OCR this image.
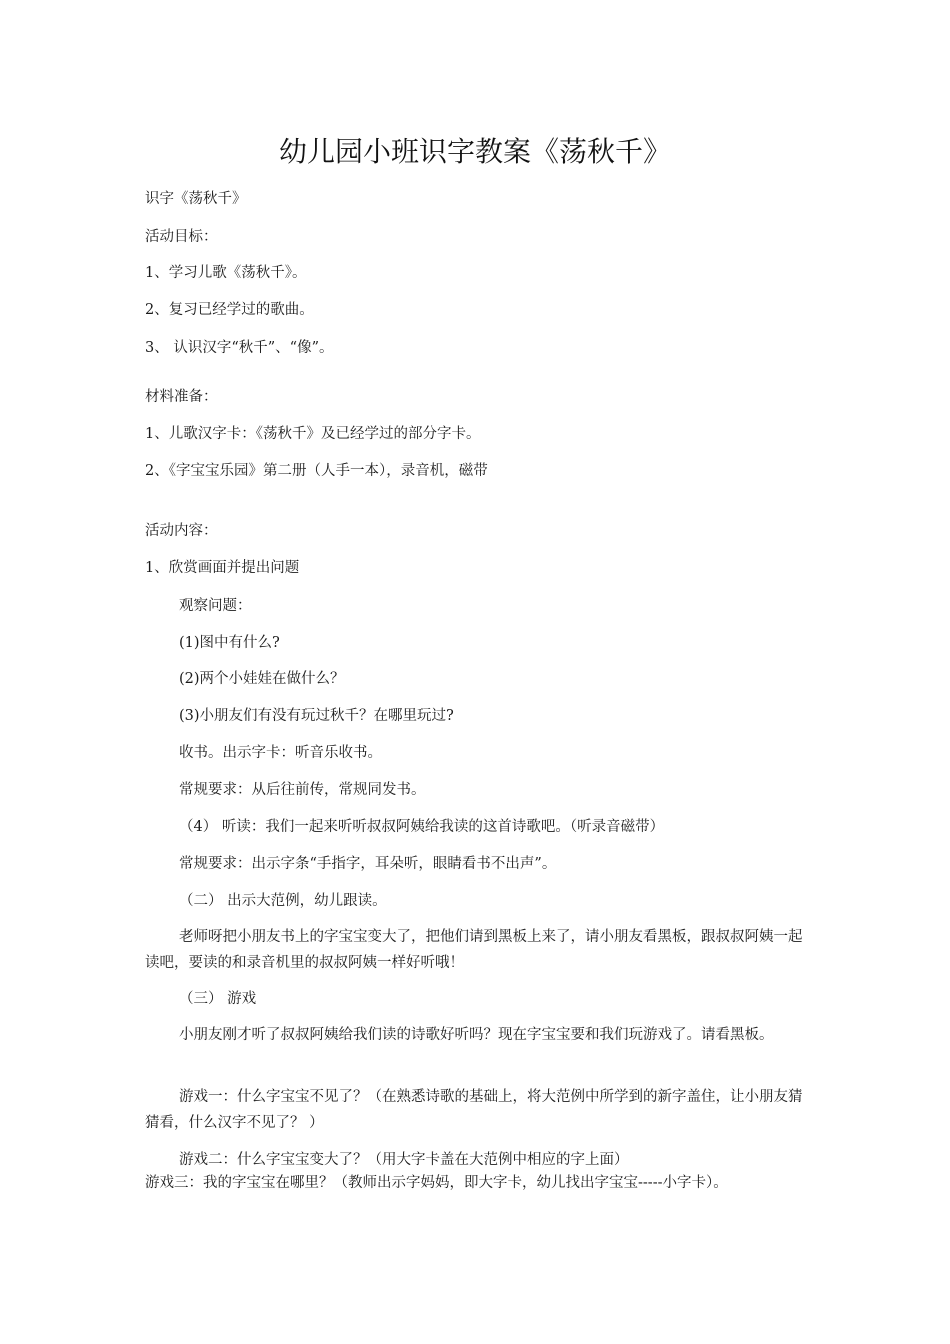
幼儿园小班识字教案《荡秋千》
识字《荡秋千》
活动目标：
1、学习儿歌《荡秋千》。
2、复习已经学过的歌曲。
3、 认识汉字“秋千”、“像”。
材料准备：
1、儿歌汉字卡：《荡秋千》及已经学过的部分字卡。
2、《字宝宝乐园》第二册（人手一本），录音机，磁带
活动内容：
1、欣赏画面并提出问题
观察问题：
(1)图中有什么?
(2)两个小娃娃在做什么？
(3)小朋友们有没有玩过秋千？在哪里玩过?
收书。出示字卡：听音乐收书。
常规要求：从后往前传，常规同发书。
（4） 听读：我们一起来听听叔叔阿姨给我读的这首诗歌吧。（听录音磁带）
常规要求：出示字条“手指字，耳朵听，眼睛看书不出声”。
（二） 出示大范例，幼儿跟读。
老师呀把小朋友书上的字宝宝变大了，把他们请到黑板上来了，请小朋友看黑板，跟叔叔阿姨一起读吧，要读的和录音机里的叔叔阿姨一样好听哦！
（三） 游戏
小朋友刚才听了叔叔阿姨给我们读的诗歌好听吗？现在字宝宝要和我们玩游戏了。请看黑板。
游戏一：什么字宝宝不见了？（在熟悉诗歌的基础上，将大范例中所学到的新字盖住，让小朋友猜猜看，什么汉字不见了？ ）
游戏二：什么字宝宝变大了？（用大字卡盖在大范例中相应的字上面）
游戏三：我的字宝宝在哪里？（教师出示字妈妈，即大字卡，幼儿找出字宝宝-----小字卡）。
